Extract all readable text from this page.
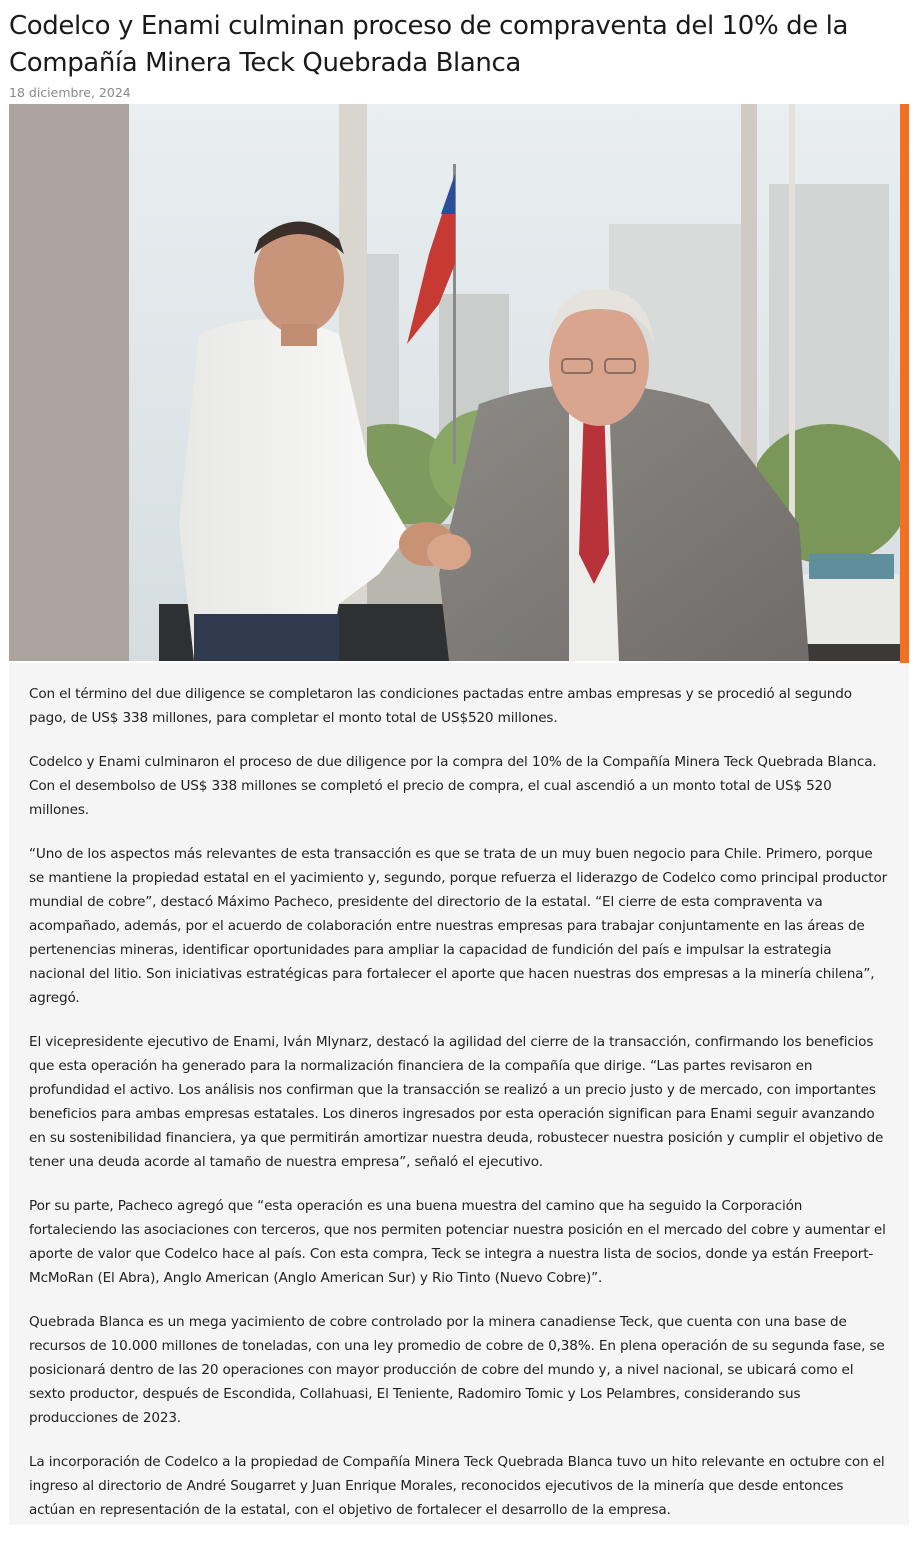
Codelco y Enami culminan proceso de compraventa del 10% de la Compañía Minera Teck Quebrada Blanca
18 diciembre, 2024

Con el término del due diligence se completaron las condiciones pactadas entre ambas empresas y se procedió al segundo pago, de US$ 338 millones, para completar el monto total de US$520 millones.

Codelco y Enami culminaron el proceso de due diligence por la compra del 10% de la Compañía Minera Teck Quebrada Blanca. Con el desembolso de US$ 338 millones se completó el precio de compra, el cual ascendió a un monto total de US$ 520 millones.

“Uno de los aspectos más relevantes de esta transacción es que se trata de un muy buen negocio para Chile. Primero, porque se mantiene la propiedad estatal en el yacimiento y, segundo, porque refuerza el liderazgo de Codelco como principal productor mundial de cobre”, destacó Máximo Pacheco, presidente del directorio de la estatal. “El cierre de esta compraventa va acompañado, además, por el acuerdo de colaboración entre nuestras empresas para trabajar conjuntamente en las áreas de pertenencias mineras, identificar oportunidades para ampliar la capacidad de fundición del país e impulsar la estrategia nacional del litio. Son iniciativas estratégicas para fortalecer el aporte que hacen nuestras dos empresas a la minería chilena”, agregó.

El vicepresidente ejecutivo de Enami, Iván Mlynarz, destacó la agilidad del cierre de la transacción, confirmando los beneficios que esta operación ha generado para la normalización financiera de la compañía que dirige. “Las partes revisaron en profundidad el activo. Los análisis nos confirman que la transacción se realizó a un precio justo y de mercado, con importantes beneficios para ambas empresas estatales. Los dineros ingresados por esta operación significan para Enami seguir avanzando en su sostenibilidad financiera, ya que permitirán amortizar nuestra deuda, robustecer nuestra posición y cumplir el objetivo de tener una deuda acorde al tamaño de nuestra empresa”, señaló el ejecutivo.

Por su parte, Pacheco agregó que “esta operación es una buena muestra del camino que ha seguido la Corporación fortaleciendo las asociaciones con terceros, que nos permiten potenciar nuestra posición en el mercado del cobre y aumentar el aporte de valor que Codelco hace al país. Con esta compra, Teck se integra a nuestra lista de socios, donde ya están Freeport-McMoRan (El Abra), Anglo American (Anglo American Sur) y Rio Tinto (Nuevo Cobre)”.

Quebrada Blanca es un mega yacimiento de cobre controlado por la minera canadiense Teck, que cuenta con una base de recursos de 10.000 millones de toneladas, con una ley promedio de cobre de 0,38%. En plena operación de su segunda fase, se posicionará dentro de las 20 operaciones con mayor producción de cobre del mundo y, a nivel nacional, se ubicará como el sexto productor, después de Escondida, Collahuasi, El Teniente, Radomiro Tomic y Los Pelambres, considerando sus producciones de 2023.

La incorporación de Codelco a la propiedad de Compañía Minera Teck Quebrada Blanca tuvo un hito relevante en octubre con el ingreso al directorio de André Sougarret y Juan Enrique Morales, reconocidos ejecutivos de la minería que desde entonces actúan en representación de la estatal, con el objetivo de fortalecer el desarrollo de la empresa.
